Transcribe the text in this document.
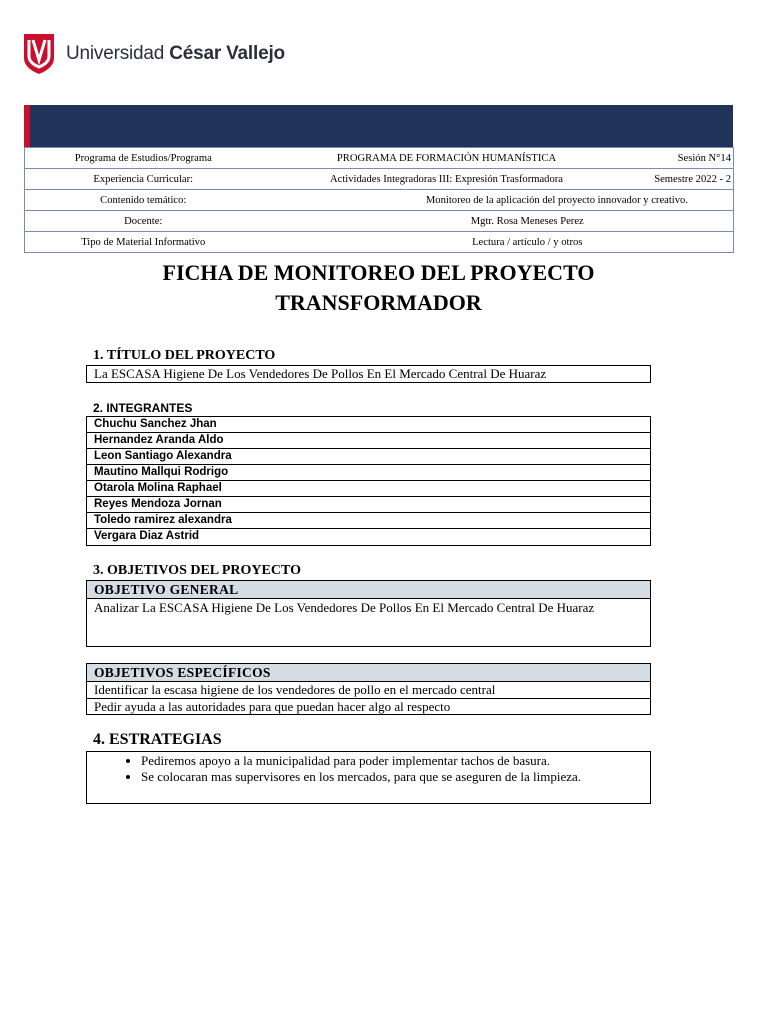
Universidad César Vallejo
Programa de Estudios/Programa	PROGRAMA DE FORMACIÓN HUMANÍSTICA	Sesión N°14
Experiencia Curricular:	Actividades Integradoras III: Expresión Trasformadora	Semestre 2022 - 2
Contenido temático:	Monitoreo de la aplicación del proyecto innovador y creativo.	
Docente:	Mgtr. Rosa Meneses Perez	
Tipo de Material Informativo	Lectura / artículo / y otros	
FICHA DE MONITOREO DEL PROYECTO
TRANSFORMADOR
1. TÍTULO DEL PROYECTO
La ESCASA Higiene De Los Vendedores De Pollos En El Mercado Central De Huaraz
2. INTEGRANTES
Chuchu Sanchez Jhan
Hernandez Aranda Aldo
Leon Santiago Alexandra
Mautino Mallqui Rodrigo
Otarola Molina Raphael
Reyes Mendoza Jornan
Toledo ramirez alexandra
Vergara Diaz Astrid
3. OBJETIVOS DEL PROYECTO
OBJETIVO GENERAL
Analizar La ESCASA Higiene De Los Vendedores De Pollos En El Mercado Central De Huaraz
OBJETIVOS ESPECÍFICOS
Identificar la escasa higiene de los vendedores de pollo en el mercado central
Pedir ayuda a las autoridades para que puedan hacer algo al respecto
4. ESTRATEGIAS
• Pediremos apoyo a la municipalidad para poder implementar tachos de basura.
• Se colocaran mas supervisores en los mercados, para que se aseguren de la limpieza.
